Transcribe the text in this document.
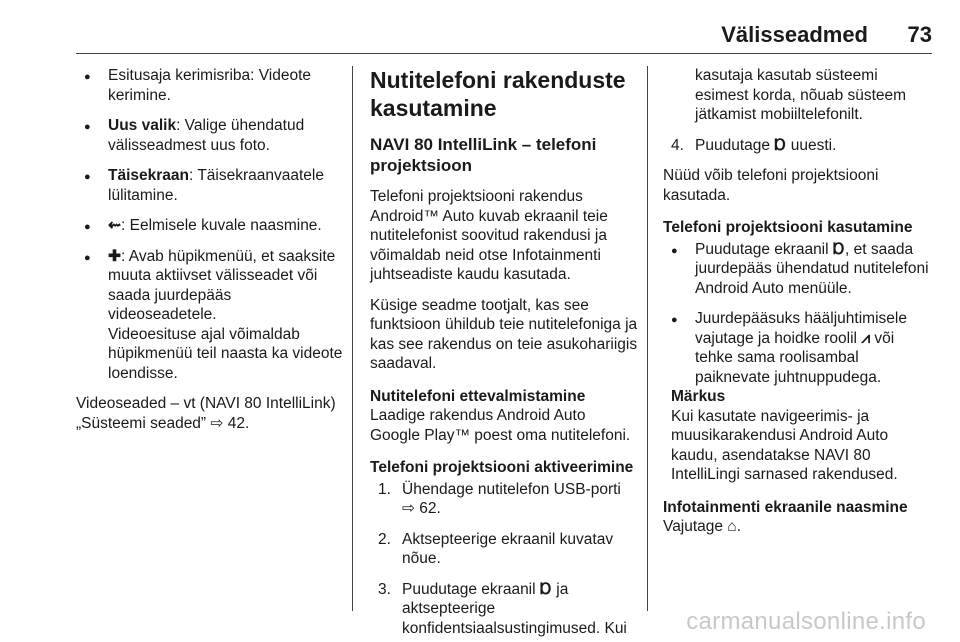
Välisseadmed 73
●
Esitusaja kerimisriba: Videote kerimine.
●
Uus valik: Valige ühendatud välisseadmest uus foto.
●
Täisekraan: Täisekraanvaatele lülitamine.
●
⇜: Eelmisele kuvale naasmine.
●
✚: Avab hüpikmenüü, et saaksite muuta aktiivset välisseadet või saada juurdepääs videoseadetele.

Videoesituse ajal võimaldab hüpikmenüü teil naasta ka videote loendisse.

Videoseaded – vt (NAVI 80 IntelliLink) „Süsteemi seaded” ⇨ 42.

Nutitelefoni rakenduste kasutamine

NAVI 80 IntelliLink – telefoni projektsioon

Telefoni projektsiooni rakendus Android™ Auto kuvab ekraanil teie nutitelefonist soovitud rakendusi ja võimaldab neid otse Infotainmenti juhtseadiste kaudu kasutada.

Küsige seadme tootjalt, kas see funktsioon ühildub teie nutitelefoniga ja kas see rakendus on teie asukohariigis saadaval.

Nutitelefoni ettevalmistamine

Laadige rakendus Android Auto Google Play™ poest oma nutitelefoni.

Telefoni projektsiooni aktiveerimine

1. Ühendage nutitelefon USB-porti
⇨ 62.
2. Aktsepteerige ekraanil kuvatav nõue.
3. Puudutage ekraanil Ɒ ja aktsepteerige konfidentsiaalsustingimused. Kui

kasutaja kasutab süsteemi esimest korda, nõuab süsteem jätkamist mobiiltelefonilt.

4. Puudutage Ɒ uuesti.

Nüüd võib telefoni projektsiooni kasutada.

Telefoni projektsiooni kasutamine

●
Puudutage ekraanil Ɒ, et saada juurdepääs ühendatud nutitelefoni Android Auto menüüle.
●
Juurdepääsuks hääljuhtimisele vajutage ja hoidke roolil ⩘ või tehke sama roolisambal paiknevate juhtnuppudega.

Märkus

Kui kasutate navigeerimis- ja muusikarakendusi Android Auto kaudu, asendatakse NAVI 80 IntelliLingi sarnased rakendused.

Infotainmenti ekraanile naasmine

Vajutage ⌂.

carmanualsonline.info
